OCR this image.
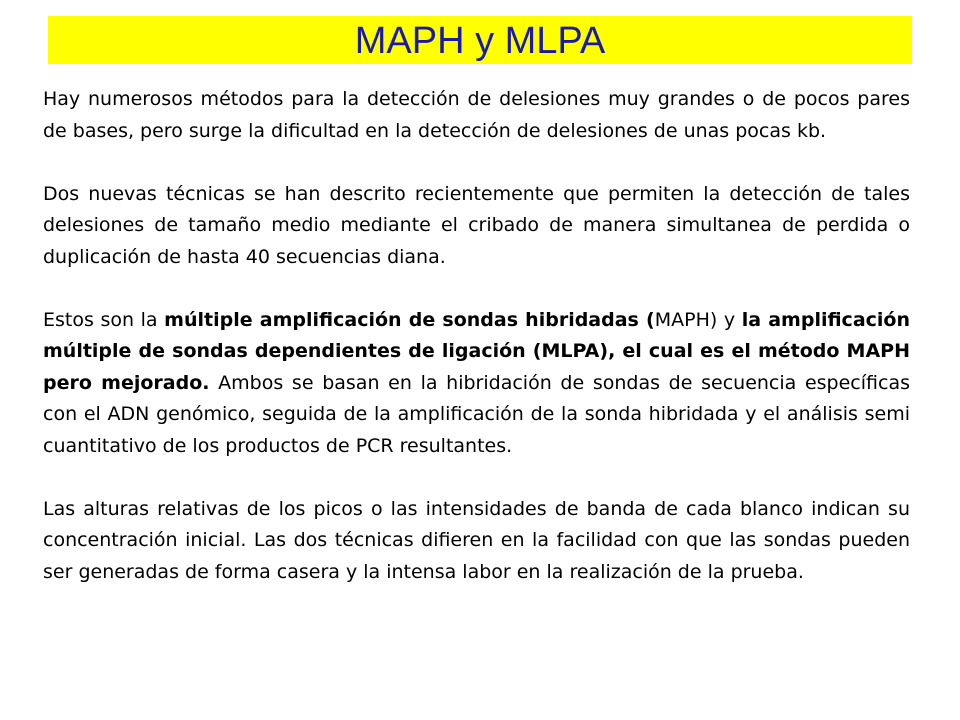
MAPH y MLPA

Hay numerosos métodos para la detección de delesiones muy grandes o de pocos pares de bases, pero surge la dificultad en la detección de delesiones de unas pocas kb.

Dos nuevas técnicas se han descrito recientemente que permiten la detección de tales delesiones de tamaño medio mediante el cribado de manera simultanea de perdida o duplicación de hasta 40 secuencias diana.

Estos son la múltiple amplificación de sondas hibridadas (MAPH) y la amplificación múltiple de sondas dependientes de ligación (MLPA), el cual es el método MAPH pero mejorado. Ambos se basan en la hibridación de sondas de secuencia específicas con el ADN genómico, seguida de la amplificación de la sonda hibridada y el análisis semi cuantitativo de los productos de PCR resultantes.

Las alturas relativas de los picos o las intensidades de banda de cada blanco indican su concentración inicial. Las dos técnicas difieren en la facilidad con que las sondas pueden ser generadas de forma casera y la intensa labor en la realización de la prueba.
